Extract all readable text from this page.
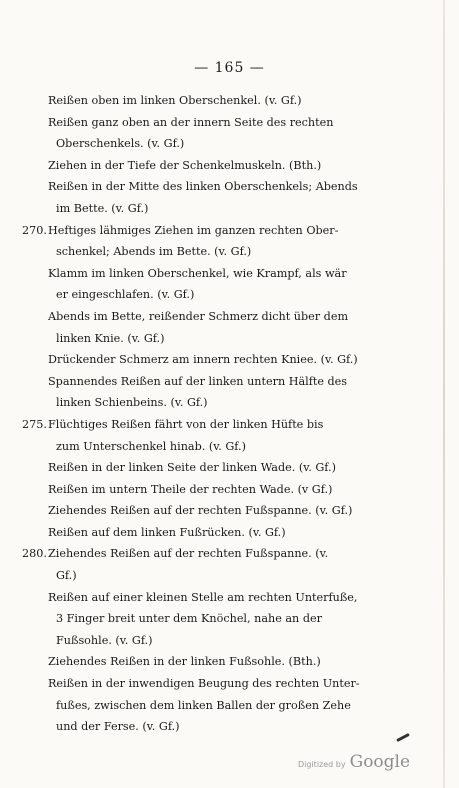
— 165 —
Reißen oben im linken Oberschenkel. (v. Gf.)
Reißen ganz oben an der innern Seite des rechten
Oberschenkels. (v. Gf.)
Ziehen in der Tiefe der Schenkelmuskeln. (Bth.)
Reißen in der Mitte des linken Oberschenkels; Abends
im Bette. (v. Gf.)
270. Heftiges lähmiges Ziehen im ganzen rechten Ober-
schenkel; Abends im Bette. (v. Gf.)
Klamm im linken Oberschenkel, wie Krampf, als wär
er eingeschlafen. (v. Gf.)
Abends im Bette, reißender Schmerz dicht über dem
linken Knie. (v. Gf.)
Drückender Schmerz am innern rechten Kniee. (v. Gf.)
Spannendes Reißen auf der linken untern Hälfte des
linken Schienbeins. (v. Gf.)
275. Flüchtiges Reißen fährt von der linken Hüfte bis
zum Unterschenkel hinab. (v. Gf.)
Reißen in der linken Seite der linken Wade. (v. Gf.)
Reißen im untern Theile der rechten Wade. (v Gf.)
Ziehendes Reißen auf der rechten Fußspanne. (v. Gf.)
Reißen auf dem linken Fußrücken. (v. Gf.)
280. Ziehendes Reißen auf der rechten Fußspanne. (v.
Gf.)
Reißen auf einer kleinen Stelle am rechten Unterfuße,
3 Finger breit unter dem Knöchel, nahe an der
Fußsohle. (v. Gf.)
Ziehendes Reißen in der linken Fußsohle. (Bth.)
Reißen in der inwendigen Beugung des rechten Unter-
fußes, zwischen dem linken Ballen der großen Zehe
und der Ferse. (v. Gf.)
Digitized by Google
